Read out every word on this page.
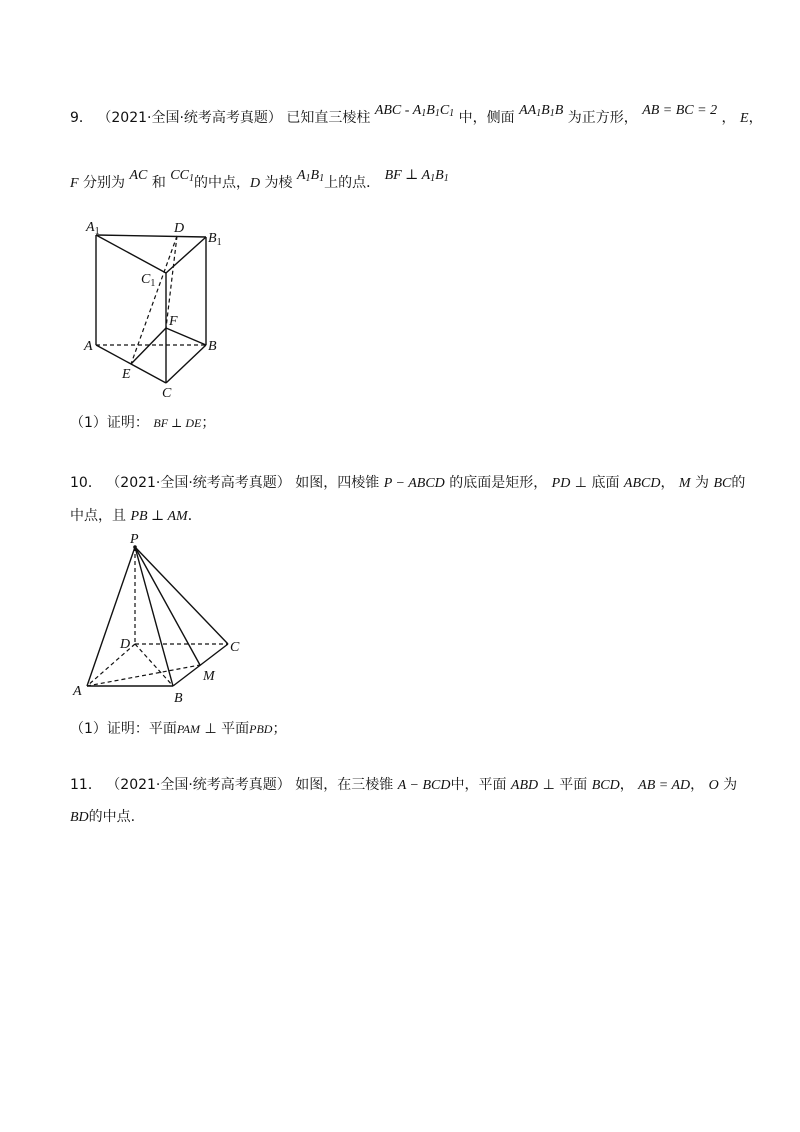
9． （2021·全国·统考高考真题） 已知直三棱柱 ABC - A1B1C1 中，侧面 AA1B1B 为正方形， AB = BC = 2 ， E，
F 分别为 AC 和 CC1的中点，D 为棱 A1B1上的点． BF ⊥ A1B1
$A_1$	D
$B_1$
$C_1$
F
A	B
E
C
（1）证明： BF ⊥ DE；
10． （2021·全国·统考高考真题） 如图，四棱锥 P − ABCD 的底面是矩形， PD ⊥ 底面 ABCD， M 为 BC的
中点，且 PB ⊥ AM．
P
D	C
M
A	B
（1）证明：平面PAM ⊥ 平面PBD；
11． （2021·全国·统考高考真题） 如图，在三棱锥 A − BCD中，平面 ABD ⊥ 平面 BCD， AB = AD， O 为
BD的中点.
